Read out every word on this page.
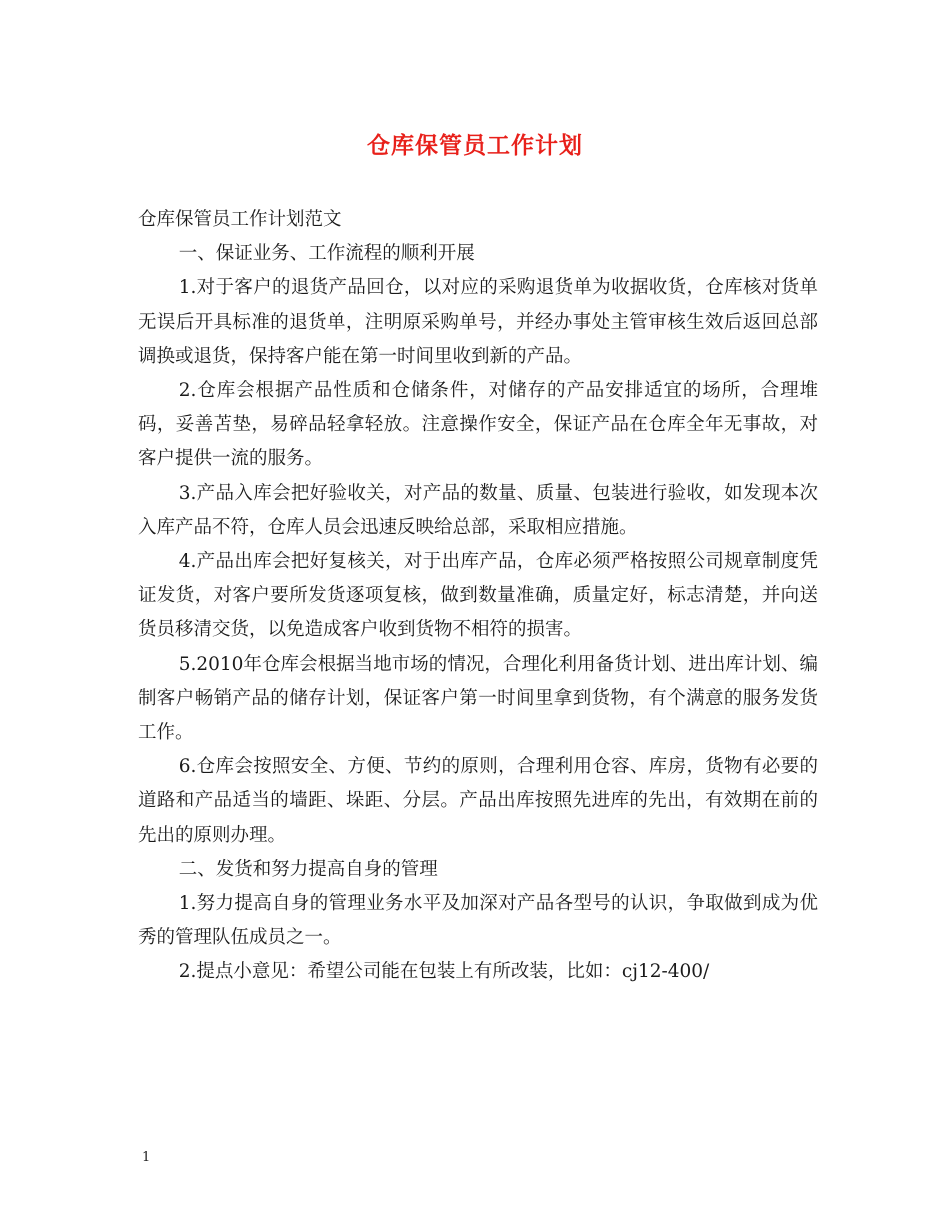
仓库保管员工作计划

仓库保管员工作计划范文

一、保证业务、工作流程的顺利开展

1.对于客户的退货产品回仓，以对应的采购退货单为收据收货，仓库核对货单无误后开具标准的退货单，注明原采购单号，并经办事处主管审核生效后返回总部调换或退货，保持客户能在第一时间里收到新的产品。

2.仓库会根据产品性质和仓储条件，对储存的产品安排适宜的场所，合理堆码，妥善苫垫，易碎品轻拿轻放。注意操作安全，保证产品在仓库全年无事故，对客户提供一流的服务。

3.产品入库会把好验收关，对产品的数量、质量、包装进行验收，如发现本次入库产品不符，仓库人员会迅速反映给总部，采取相应措施。

4.产品出库会把好复核关，对于出库产品，仓库必须严格按照公司规章制度凭证发货，对客户要所发货逐项复核，做到数量准确，质量定好，标志清楚，并向送货员移清交货，以免造成客户收到货物不相符的损害。

5.2010年仓库会根据当地市场的情况，合理化利用备货计划、进出库计划、编制客户畅销产品的储存计划，保证客户第一时间里拿到货物，有个满意的服务发货工作。

6.仓库会按照安全、方便、节约的原则，合理利用仓容、库房，货物有必要的道路和产品适当的墙距、垛距、分层。产品出库按照先进库的先出，有效期在前的先出的原则办理。

二、发货和努力提高自身的管理

1.努力提高自身的管理业务水平及加深对产品各型号的认识，争取做到成为优秀的管理队伍成员之一。

2.提点小意见：希望公司能在包装上有所改装，比如：cj12-400/

1
